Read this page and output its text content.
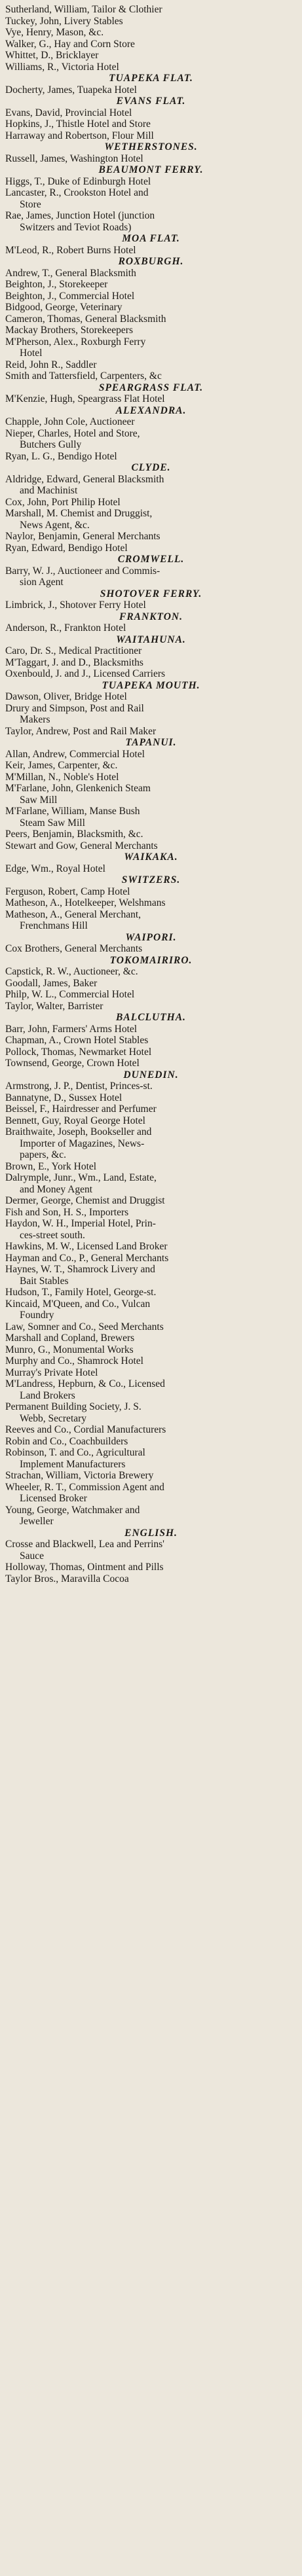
Sutherland, William, Tailor & Clothier
Tuckey, John, Livery Stables
Vye, Henry, Mason, &c.
Walker, G., Hay and Corn Store
Whittet, D., Bricklayer
Williams, R., Victoria Hotel
TUAPEKA FLAT.
Docherty, James, Tuapeka Hotel
EVANS FLAT.
Evans, David, Provincial Hotel
Hopkins, J., Thistle Hotel and Store
Harraway and Robertson, Flour Mill
WETHERSTONES.
Russell, James, Washington Hotel
BEAUMONT FERRY.
Higgs, T., Duke of Edinburgh Hotel
Lancaster, R., Crookston Hotel and
Store
Rae, James, Junction Hotel (junction
Switzers and Teviot Roads)
MOA FLAT.
M'Leod, R., Robert Burns Hotel
ROXBURGH.
Andrew, T., General Blacksmith
Beighton, J., Storekeeper
Beighton, J., Commercial Hotel
Bidgood, George, Veterinary
Cameron, Thomas, General Blacksmith
Mackay Brothers, Storekeepers
M'Pherson, Alex., Roxburgh Ferry
Hotel
Reid, John R., Saddler
Smith and Tattersfield, Carpenters, &c
SPEARGRASS FLAT.
M'Kenzie, Hugh, Speargrass Flat Hotel
ALEXANDRA.
Chapple, John Cole, Auctioneer
Nieper, Charles, Hotel and Store,
Butchers Gully
Ryan, L. G., Bendigo Hotel
CLYDE.
Aldridge, Edward, General Blacksmith
and Machinist
Cox, John, Port Philip Hotel
Marshall, M. Chemist and Druggist,
News Agent, &c.
Naylor, Benjamin, General Merchants
Ryan, Edward, Bendigo Hotel
CROMWELL.
Barry, W. J., Auctioneer and Commis-
sion Agent
SHOTOVER FERRY.
Limbrick, J., Shotover Ferry Hotel
FRANKTON.
Anderson, R., Frankton Hotel
WAITAHUNA.
Caro, Dr. S., Medical Practitioner
M'Taggart, J. and D., Blacksmiths
Oxenbould, J. and J., Licensed Carriers
TUAPEKA MOUTH.
Dawson, Oliver, Bridge Hotel
Drury and Simpson, Post and Rail
Makers
Taylor, Andrew, Post and Rail Maker
TAPANUI.
Allan, Andrew, Commercial Hotel
Keir, James, Carpenter, &c.
M'Millan, N., Noble's Hotel
M'Farlane, John, Glenkenich Steam
Saw Mill
M'Farlane, William, Manse Bush
Steam Saw Mill
Peers, Benjamin, Blacksmith, &c.
Stewart and Gow, General Merchants
WAIKAKA.
Edge, Wm., Royal Hotel
SWITZERS.
Ferguson, Robert, Camp Hotel
Matheson, A., Hotelkeeper, Welshmans
Matheson, A., General Merchant,
Frenchmans Hill
WAIPORI.
Cox Brothers, General Merchants
TOKOMAIRIRO.
Capstick, R. W., Auctioneer, &c.
Goodall, James, Baker
Philp, W. L., Commercial Hotel
Taylor, Walter, Barrister
BALCLUTHA.
Barr, John, Farmers' Arms Hotel
Chapman, A., Crown Hotel Stables
Pollock, Thomas, Newmarket Hotel
Townsend, George, Crown Hotel
DUNEDIN.
Armstrong, J. P., Dentist, Princes-st.
Bannatyne, D., Sussex Hotel
Beissel, F., Hairdresser and Perfumer
Bennett, Guy, Royal George Hotel
Braithwaite, Joseph, Bookseller and
Importer of Magazines, News-
papers, &c.
Brown, E., York Hotel
Dalrymple, Junr., Wm., Land, Estate,
and Money Agent
Dermer, George, Chemist and Druggist
Fish and Son, H. S., Importers
Haydon, W. H., Imperial Hotel, Prin-
ces-street south.
Hawkins, M. W., Licensed Land Broker
Hayman and Co., P., General Merchants
Haynes, W. T., Shamrock Livery and
Bait Stables
Hudson, T., Family Hotel, George-st.
Kincaid, M'Queen, and Co., Vulcan
Foundry
Law, Somner and Co., Seed Merchants
Marshall and Copland, Brewers
Munro, G., Monumental Works
Murphy and Co., Shamrock Hotel
Murray's Private Hotel
M'Landress, Hepburn, & Co., Licensed
Land Brokers
Permanent Building Society, J. S.
Webb, Secretary
Reeves and Co., Cordial Manufacturers
Robin and Co., Coachbuilders
Robinson, T. and Co., Agricultural
Implement Manufacturers
Strachan, William, Victoria Brewery
Wheeler, R. T., Commission Agent and
Licensed Broker
Young, George, Watchmaker and
Jeweller
ENGLISH.
Crosse and Blackwell, Lea and Perrins'
Sauce
Holloway, Thomas, Ointment and Pills
Taylor Bros., Maravilla Cocoa
